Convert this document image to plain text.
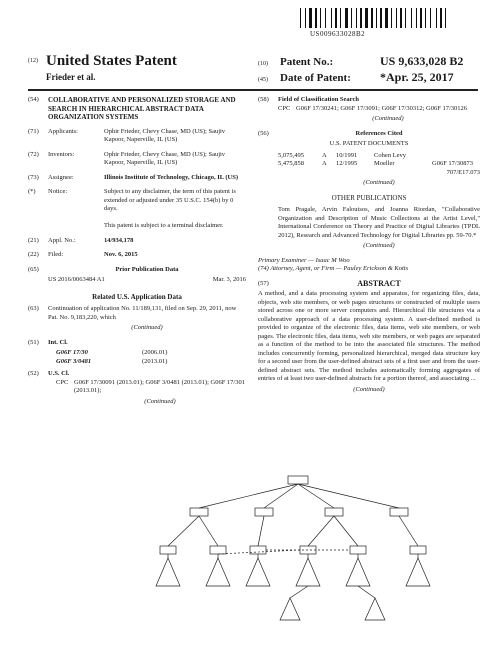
US009633028B2
(12) United States Patent
Frieder et al.
(10)	Patent No.:	US 9,633,028 B2
(45)	Date of Patent:	*Apr. 25, 2017
(54)	COLLABORATIVE AND PERSONALIZED STORAGE AND SEARCH IN HIERARCHICAL ABSTRACT DATA ORGANIZATION SYSTEMS
(71)	Applicants:	Ophir Frieder, Chevy Chase, MD (US); Saujiv Kapoor, Naperville, IL (US)
(72)	Inventors:	Ophir Frieder, Chevy Chase, MD (US); Saujiv Kapoor, Naperville, IL (US)
(73)	Assignee:	Illinois Institute of Technology, Chicago, IL (US)
(*)	Notice:	Subject to any disclaimer, the term of this patent is extended or adjusted under 35 U.S.C. 154(b) by 0 days.

This patent is subject to a terminal disclaimer.
(21)	Appl. No.:	14/934,178
(22)	Filed:	Nov. 6, 2015
(65)	Prior Publication Data
US 2016/0063484 A1	Mar. 3, 2016
Related U.S. Application Data
(63)	Continuation of application No. 11/189,131, filed on Sep. 29, 2011, now Pat. No. 9,183,220, which
(Continued)
(51)	Int. Cl.
G06F 17/30	(2006.01)
G06F 3/0481	(2013.01)
(52)	U.S. Cl.
CPC G06F 17/30091 (2013.01); G06F 3/0481 (2013.01); G06F 17/301 (2013.01);
(Continued)
(58)	Field of Classification Search
CPC G06F 17/30241; G06F 17/3091; G06F 17/30312; G06F 17/30126
(Continued)
(56)	References Cited
U.S. PATENT DOCUMENTS
5,075,495	A	10/1991	Cohen Levy
5,475,858	A	12/1995	Moeller	G06F 17/30873
707/E17.073
(Continued)
OTHER PUBLICATIONS
Tom Pragale, Arvin Faloutsos, and Joanna Riordan, "Collaborative Organization and Description of Music Collections at the Artist Level," International Conference on Theory and Practice of Digital Libraries (TPDL 2012), Research and Advanced Technology for Digital Libraries pp. 59-70.*
(Continued)
Primary Examiner — Isaac M Woo
(74) Attorney, Agent, or Firm — Pauley Erickson & Kotts
(57)	ABSTRACT
A method, and a data processing system and apparatus, for organizing files, data, objects, web site members, or web pages structures or constructed of multiple users stored across one or more server computers and. Hierarchical file structures via a collaborative approach of a data processing system. A user-defined method is provided to organize of the electronic files, data items, web site members, or web pages. The electronic files, data items, web site members, or web pages are separated as a function of the method to be into the associated file structures. The method includes concurrently forming, personalized hierarchical, merged data structure key for a second user from the user-defined abstract sets of a first user and from the user-defined abstract sets. The method includes automatically forming aggregates of entries of at least two user-defined abstracts for a portion thereof, and associating ...
(Continued)
